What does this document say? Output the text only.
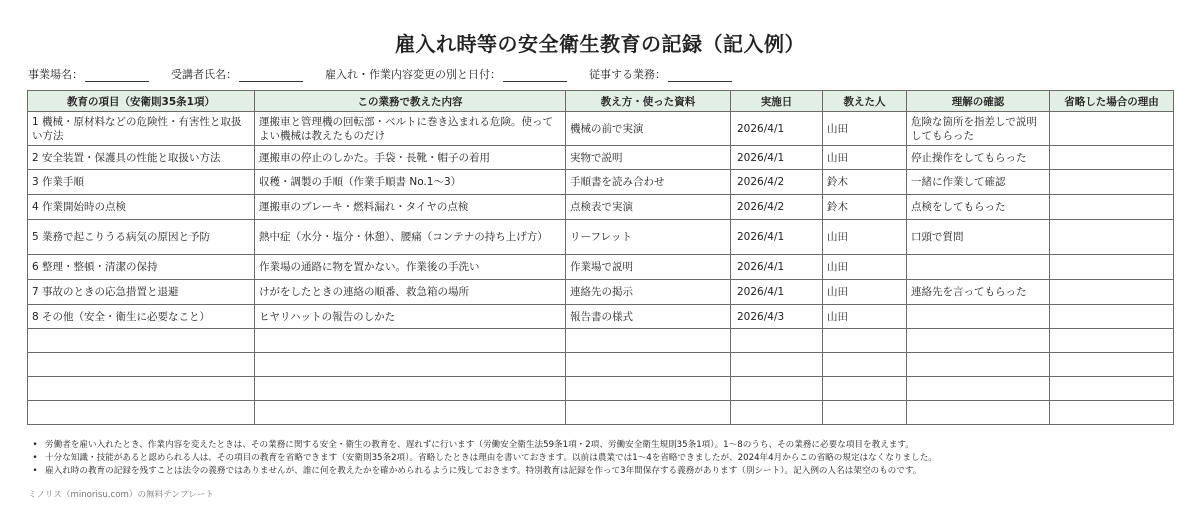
雇入れ時等の安全衛生教育の記録（記入例）
事業場名：	受講者氏名：	雇入れ・作業内容変更の別と日付：	従事する業務：
教育の項目（安衛則35条1項）	この業務で教えた内容	教え方・使った資料	実施日	教えた人	理解の確認	省略した場合の理由
1 機械・原材料などの危険性・有害性と取扱い方法	運搬車と管理機の回転部・ベルトに巻き込まれる危険。使ってよい機械は教えたものだけ	機械の前で実演	2026/4/1	山田	危険な箇所を指差しで説明してもらった	
2 安全装置・保護具の性能と取扱い方法	運搬車の停止のしかた。手袋・長靴・帽子の着用	実物で説明	2026/4/1	山田	停止操作をしてもらった	
3 作業手順	収穫・調製の手順（作業手順書 No.1〜3）	手順書を読み合わせ	2026/4/2	鈴木	一緒に作業して確認	
4 作業開始時の点検	運搬車のブレーキ・燃料漏れ・タイヤの点検	点検表で実演	2026/4/2	鈴木	点検をしてもらった	
5 業務で起こりうる病気の原因と予防	熱中症（水分・塩分・休憩）、腰痛（コンテナの持ち上げ方）	リーフレット	2026/4/1	山田	口頭で質問	
6 整理・整頓・清潔の保持	作業場の通路に物を置かない。作業後の手洗い	作業場で説明	2026/4/1	山田		
7 事故のときの応急措置と退避	けがをしたときの連絡の順番、救急箱の場所	連絡先の掲示	2026/4/1	山田	連絡先を言ってもらった	
8 その他（安全・衛生に必要なこと）	ヒヤリハットの報告のしかた	報告書の様式	2026/4/3	山田		

• 労働者を雇い入れたとき、作業内容を変えたときは、その業務に関する安全・衛生の教育を、遅れずに行います（労働安全衛生法59条1項・2項、労働安全衛生規則35条1項）。1〜8のうち、その業務に必要な項目を教えます。
• 十分な知識・技能があると認められる人は、その項目の教育を省略できます（安衛則35条2項）。省略したときは理由を書いておきます。以前は農業では1〜4を省略できましたが、2024年4月からこの省略の規定はなくなりました。
• 雇入れ時の教育の記録を残すことは法令の義務ではありませんが、誰に何を教えたかを確かめられるように残しておきます。特別教育は記録を作って3年間保存する義務があります（別シート）。記入例の人名は架空のものです。
ミノリス（minorisu.com）の無料テンプレート
